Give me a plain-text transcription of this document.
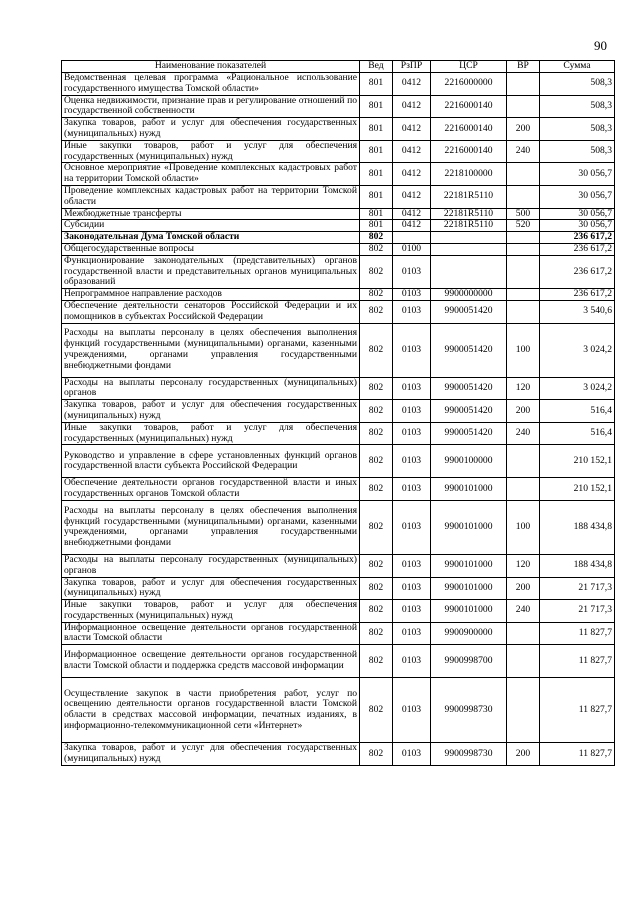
90
Наименование показателей	Вед	РзПР	ЦСР	ВР	Сумма
Ведомственная целевая программа «Рациональное использование государственного имущества Томской области»	801	0412	2216000000		508,3
Оценка недвижимости, признание прав и регулирование отношений по государственной собственности	801	0412	2216000140		508,3
Закупка товаров, работ и услуг для обеспечения государственных (муниципальных) нужд	801	0412	2216000140	200	508,3
Иные закупки товаров, работ и услуг для обеспечения государственных (муниципальных) нужд	801	0412	2216000140	240	508,3
Основное мероприятие «Проведение комплексных кадастровых работ на территории Томской области»	801	0412	2218100000		30 056,7
Проведение комплексных кадастровых работ на территории Томской области	801	0412	22181R5110		30 056,7
Межбюджетные трансферты	801	0412	22181R5110	500	30 056,7
Субсидии	801	0412	22181R5110	520	30 056,7
Законодательная Дума Томской области	802				236 617,2
Общегосударственные вопросы	802	0100			236 617,2
Функционирование законодательных (представительных) органов государственной власти и представительных органов муниципальных образований	802	0103			236 617,2
Непрограммное направление расходов	802	0103	9900000000		236 617,2
Обеспечение деятельности сенаторов Российской Федерации и их помощников в субъектах Российской Федерации	802	0103	9900051420		3 540,6
Расходы на выплаты персоналу в целях обеспечения выполнения функций государственными (муниципальными) органами, казенными учреждениями, органами управления государственными внебюджетными фондами	802	0103	9900051420	100	3 024,2
Расходы на выплаты персоналу государственных (муниципальных) органов	802	0103	9900051420	120	3 024,2
Закупка товаров, работ и услуг для обеспечения государственных (муниципальных) нужд	802	0103	9900051420	200	516,4
Иные закупки товаров, работ и услуг для обеспечения государственных (муниципальных) нужд	802	0103	9900051420	240	516,4
Руководство и управление в сфере установленных функций органов государственной власти субъекта Российской Федерации	802	0103	9900100000		210 152,1
Обеспечение деятельности органов государственной власти и иных государственных органов Томской области	802	0103	9900101000		210 152,1
Расходы на выплаты персоналу в целях обеспечения выполнения функций государственными (муниципальными) органами, казенными учреждениями, органами управления государственными внебюджетными фондами	802	0103	9900101000	100	188 434,8
Расходы на выплаты персоналу государственных (муниципальных) органов	802	0103	9900101000	120	188 434,8
Закупка товаров, работ и услуг для обеспечения государственных (муниципальных) нужд	802	0103	9900101000	200	21 717,3
Иные закупки товаров, работ и услуг для обеспечения государственных (муниципальных) нужд	802	0103	9900101000	240	21 717,3
Информационное освещение деятельности органов государственной власти Томской области	802	0103	9900900000		11 827,7
Информационное освещение деятельности органов государственной власти Томской области и поддержка средств массовой информации	802	0103	9900998700		11 827,7
Осуществление закупок в части приобретения работ, услуг по освещению деятельности органов государственной власти Томской области в средствах массовой информации, печатных изданиях, в информационно-телекоммуникационной сети «Интернет»	802	0103	9900998730		11 827,7
Закупка товаров, работ и услуг для обеспечения государственных (муниципальных) нужд	802	0103	9900998730	200	11 827,7
